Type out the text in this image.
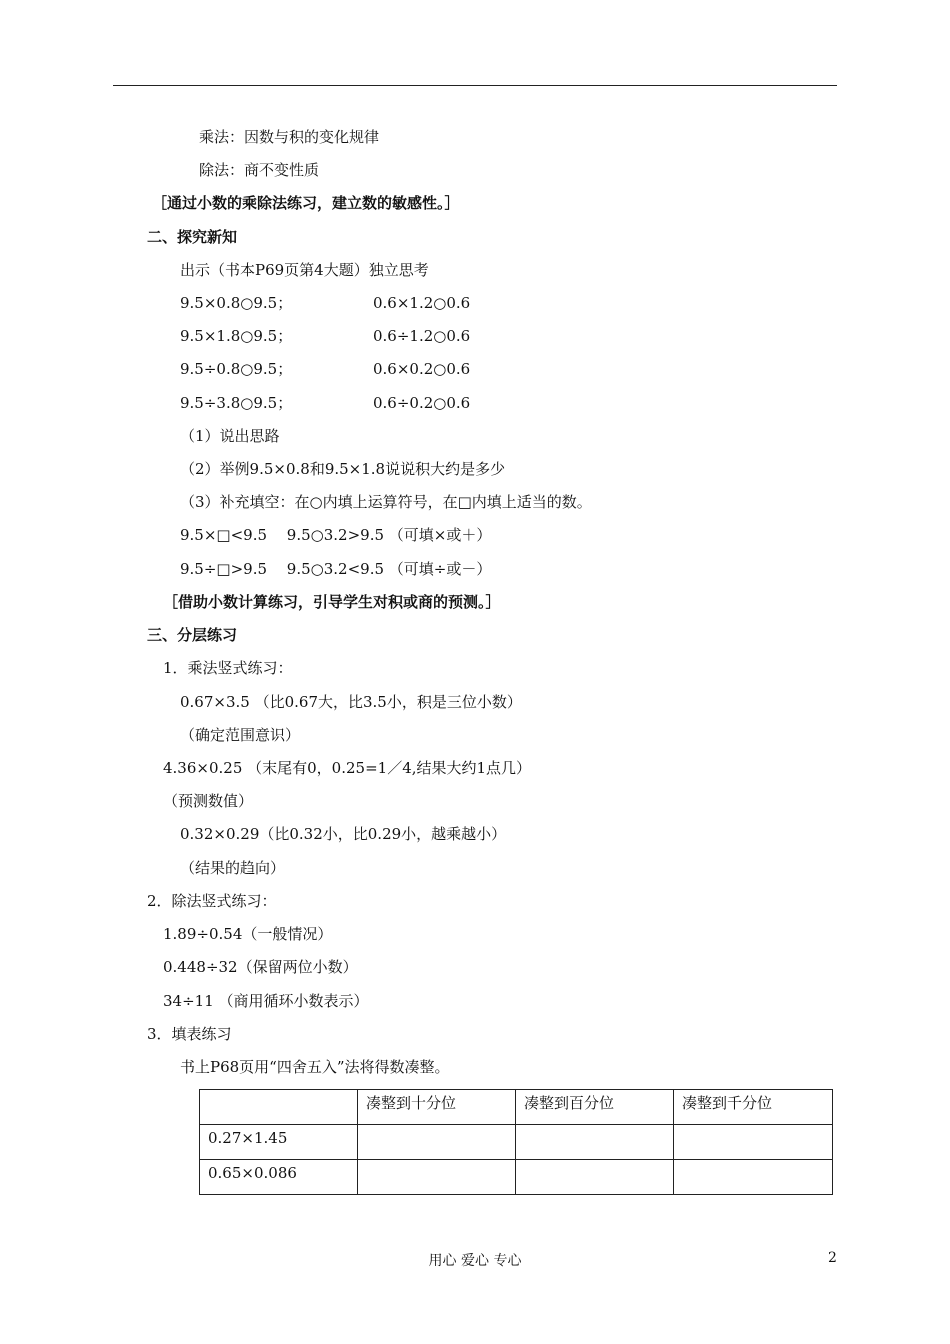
乘法：因数与积的变化规律
除法：商不变性质
［通过小数的乘除法练习，建立数的敏感性。］
二、探究新知
出示（书本P69页第4大题）独立思考
9.5×0.8○9.5；	0.6×1.2○0.6
9.5×1.8○9.5；	0.6÷1.2○0.6
9.5÷0.8○9.5；	0.6×0.2○0.6
9.5÷3.8○9.5；	0.6÷0.2○0.6
（1）说出思路
（2）举例9.5×0.8和9.5×1.8说说积大约是多少
（3）补充填空：在○内填上运算符号，在□内填上适当的数。
9.5×□<9.5　 9.5○3.2>9.5 （可填×或＋）
9.5÷□>9.5　 9.5○3.2<9.5 （可填÷或－）
［借助小数计算练习，引导学生对积或商的预测。］
三、分层练习
1．乘法竖式练习：
0.67×3.5 （比0.67大，比3.5小，积是三位小数）
（确定范围意识）
4.36×0.25 （末尾有0，0.25=1／4,结果大约1点几）
（预测数值）
0.32×0.29（比0.32小，比0.29小，越乘越小）
（结果的趋向）
2．除法竖式练习：
1.89÷0.54（一般情况）
0.448÷32（保留两位小数）
34÷11 （商用循环小数表示）
3．填表练习
书上P68页用“四舍五入”法将得数凑整。
	凑整到十分位	凑整到百分位	凑整到千分位
0.27×1.45			
0.65×0.086			
用心 爱心 专心	2
